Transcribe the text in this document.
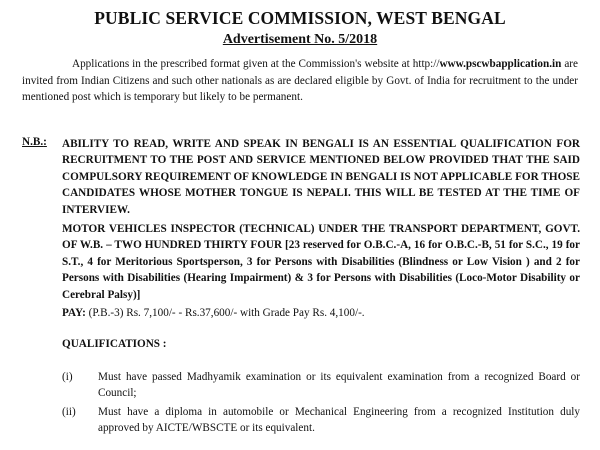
PUBLIC SERVICE COMMISSION, WEST BENGAL
Advertisement No. 5/2018
Applications in the prescribed format given at the Commission's website at http://www.pscwbapplication.in are invited from Indian Citizens and such other nationals as are declared eligible by Govt. of India for recruitment to the under mentioned post which is temporary but likely to be permanent.
N.B.: ABILITY TO READ, WRITE AND SPEAK IN BENGALI IS AN ESSENTIAL QUALIFICATION FOR RECRUITMENT TO THE POST AND SERVICE MENTIONED BELOW PROVIDED THAT THE SAID COMPULSORY REQUIREMENT OF KNOWLEDGE IN BENGALI IS NOT APPLICABLE FOR THOSE CANDIDATES WHOSE MOTHER TONGUE IS NEPALI. THIS WILL BE TESTED AT THE TIME OF INTERVIEW.
MOTOR VEHICLES INSPECTOR (TECHNICAL) UNDER THE TRANSPORT DEPARTMENT, GOVT. OF W.B. – TWO HUNDRED THIRTY FOUR [23 reserved for O.B.C.-A, 16 for O.B.C.-B, 51 for S.C., 19 for S.T., 4 for Meritorious Sportsperson, 3 for Persons with Disabilities (Blindness or Low Vision ) and 2 for Persons with Disabilities (Hearing Impairment) & 3 for Persons with Disabilities (Loco-Motor Disability or Cerebral Palsy)]
PAY: (P.B.-3) Rs. 7,100/- - Rs.37,600/- with Grade Pay Rs. 4,100/-.
QUALIFICATIONS :
(i)	Must have passed Madhyamik examination or its equivalent examination from a recognized Board or Council;
(ii)	Must have a diploma in automobile or Mechanical Engineering from a recognized Institution duly approved by AICTE/WBSCTE or its equivalent.
